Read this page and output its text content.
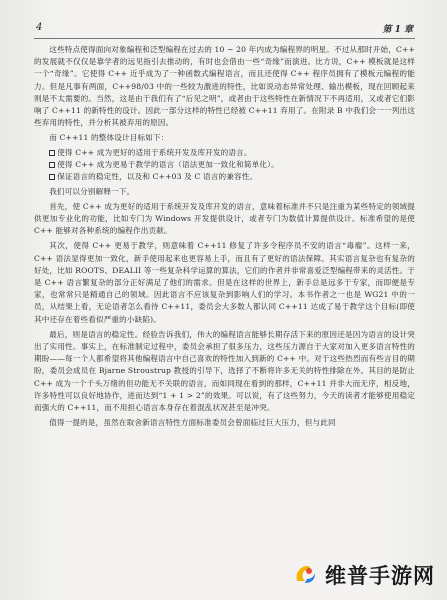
4	第 1 章

这些特点使得面向对象编程和泛型编程在过去的 10 ~ 20 年内成为编程界的明星。不过从那时开始，C++ 的发展就不仅仅是靠学者的远见指引去推动的，有时也会借由一些“奇缘”而演进。比方说，C++ 模板就是这样一个“奇缘”。它使得 C++ 近乎成为了一种函数式编程语言，而且还使得 C++ 程序员拥有了模板元编程的能力。但是凡事有两面，C++98/03 中的一些较为激进的特性，比如说动态异常处理、输出模板，现在回顾起来则是不太需要的。当然，这是由于我们有了“后见之明”，或者由于这些特性在新情况下不再适用，又或者它们影响了 C++11 的新特性的设计。因此一部分这样的特性已经被 C++11 弃用了。在附录 B 中我们会一一列出这些弃用的特性，并分析其被弃用的原因。

而 C++11 的整体设计目标如下：

使得 C++ 成为更好的适用于系统开发及库开发的语言。
使得 C++ 成为更易于教学的语言（语法更加一致化和简单化）。
保证语言的稳定性，以及和 C++03 及 C 语言的兼容性。

我们可以分别解释一下。

首先，使 C++ 成为更好的适用于系统开发及库开发的语言，意味着标准并不只是注重为某些特定的领域提供更加专业化的功能，比如专门为 Windows 开发提供设计，或者专门为数值计算提供设计。标准希望的是使 C++ 能够对各种系统的编程作出贡献。

其次，使得 C++ 更易于教学，则意味着 C++11 修复了许多令程序员不安的语言“毒瘤”。这样一来，C++ 语法显得更加一致化，新手使用起来也更容易上手，而且有了更好的语法保障。其实语言复杂也有复杂的好处，比如 ROOTS、DEALII 等一些复杂科学运算的算法，它们的作者并非常喜爱泛型编程带来的灵活性。于是 C++ 语言繁复杂的部分正好满足了他们的需求。但是在这样的世界上，新手总是远多于专家，而即便是专家，也常常只是精通自己的领域。因此语言不应该复杂到影响人们的学习。本书作者之一也是 WG21 中的一员，从结果上看，无论语者怎么看待 C++11，委员会大多数人都认同 C++11 达成了易于教学这个目标(即使其中还存在着些看似严重的小缺陷)。

最后，则是语言的稳定性。经验告诉我们，伟大的编程语言能够长期存活下来的原因还是因为语言的设计突出了实用性。事实上，在标准制定过程中，委员会承担了很多压力，这些压力源自于大家对加入更多语言特性的期盼——每一个人都希望将其他编程语言中自己喜欢的特性加入到新的 C++ 中。对于这些热烈而有些言目的期盼，委员会成员在 Bjarne Stroustrup 教授的引导下，选择了不断将许多无关的特性排除在外。其目的是防止 C++ 成为一个千头万绪的但功能无不关联的语言，而如同现在看到的那样，C++11 并非大而无序，相反地，许多特性可以良好地协作，进而达到“1 + 1 > 2”的效果。可以说，有了这些努力，今天的读者才能够使用稳定而强大的 C++11，而不用担心语言本身存在着混乱状况甚至是冲突。

值得一提的是，虽然在取舍新语言特性方面标准委员会曾面临过巨大压力，但与此同

维普手游网
